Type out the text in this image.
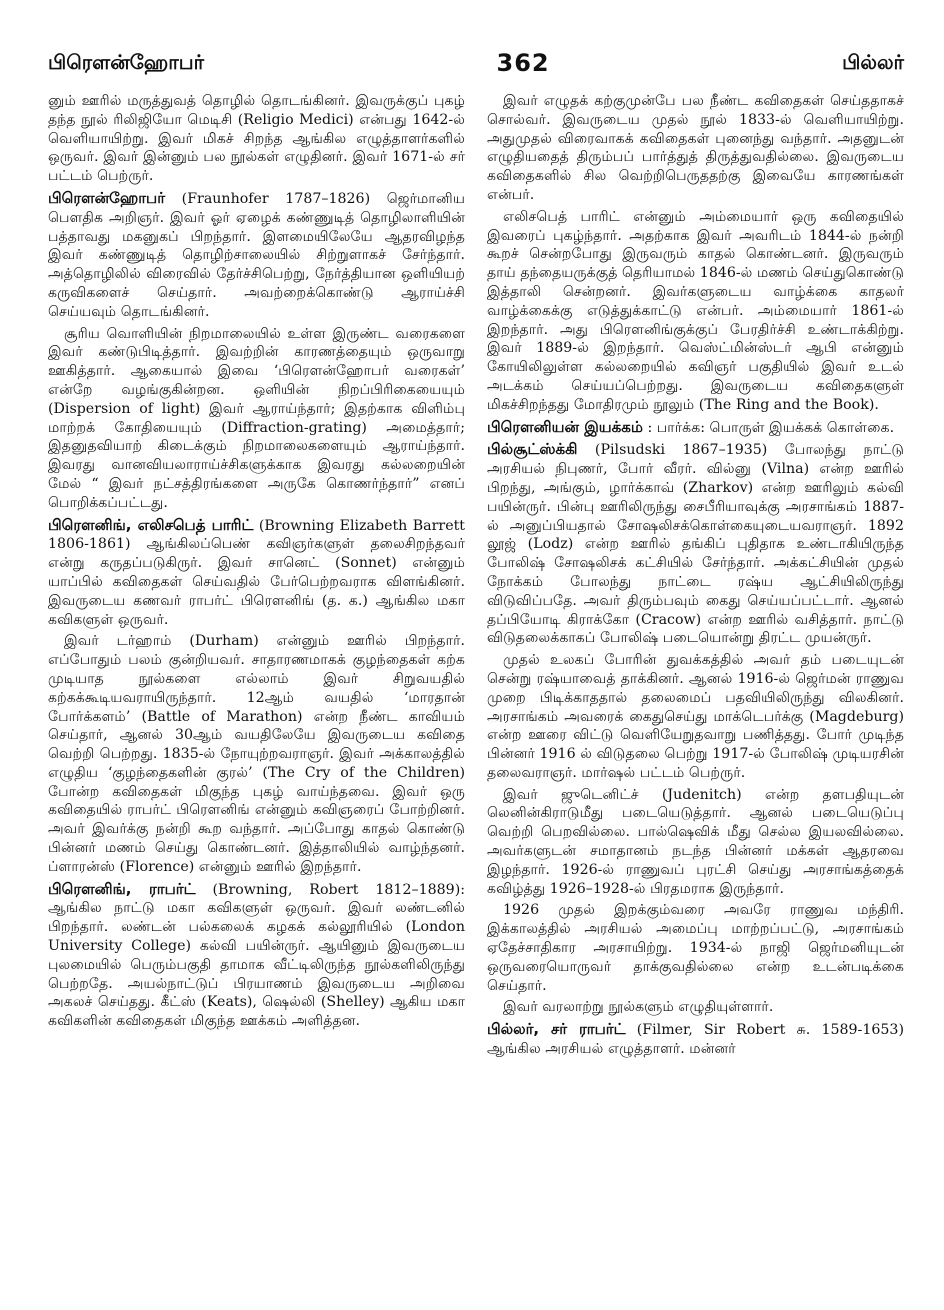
பிரௌன்ஹோபர்	362	பில்லர்

னும் ஊரில் மருத்துவத் தொழில் தொடங்கினர். இவருக்குப் புகழ் தந்த நூல் ரிலிஜியோ மெடிசி (Religio Medici) என்பது 1642-ல் வெளியாயிற்று. இவர் மிகச் சிறந்த ஆங்கில எழுத்தாளர்களில் ஒருவர். இவர் இன்னும் பல நூல்கள் எழுதினர். இவர் 1671-ல் சர் பட்டம் பெற்ருர்.

பிரௌன்ஹோபர் (Fraunhofer 1787–1826) ஜெர்மானிய பௌதிக அறிஞர். இவர் ஓர் ஏழைக் கண்ணுடித் தொழிலாளியின் பத்தாவது மகனுகப் பிறந்தார். இளமையிலேயே ஆதரவிழந்த இவர் கண்ணுடித் தொழிற்சாலையில் சிற்றுளாகச் சேர்ந்தார். அத்தொழிலில் விரைவில் தேர்ச்சிபெற்று, நேர்த்தியான ஒளியியற் கருவிகளைச் செய்தார். அவற்றைக்கொண்டு ஆராய்ச்சி செய்யவும் தொடங்கினர்.

சூரிய வொளியின் நிறமாலையில் உள்ள இருண்ட வரைகளை இவர் கண்டுபிடித்தார். இவற்றின் காரணத்தையும் ஒருவாறு ஊகித்தார். ஆகையால் இவை ‘பிரௌன்ஹோபர் வரைகள்’ என்றே வழங்குகின்றன. ஒளியின் நிறப்பிரிகையையும் (Dispersion of light) இவர் ஆராய்ந்தார்; இதற்காக விளிம்பு மாற்றக் கோதியையும் (Diffraction-grating) அமைத்தார்; இதனுதவியாற் கிடைக்கும் நிறமாலைகளையும் ஆராய்ந்தார். இவரது வானவியலாராய்ச்சிகளுக்காக இவரது கல்லறையின் மேல் “ இவர் நட்சத்திரங்களை அருகே கொணர்ந்தார்” எனப் பொறிக்கப்பட்டது.

பிரௌனிங், எலிசபெத் பாரிட் (Browning Elizabeth Barrett 1806-1861) ஆங்கிலப்பெண் கவிஞர்களுள் தலைசிறந்தவர் என்று கருதப்படுகிருர். இவர் சானெட் (Sonnet) என்னும் யாப்பில் கவிதைகள் செய்வதில் பேர்பெற்றவராக விளங்கினர். இவருடைய கணவர் ராபர்ட் பிரௌனிங் (த. க.) ஆங்கில மகா கவிகளுள் ஒருவர்.

இவர் டர்ஹாம் (Durham) என்னும் ஊரில் பிறந்தார். எப்போதும் பலம் குன்றியவர். சாதாரணமாகக் குழந்தைகள் கற்க முடியாத நூல்களை எல்லாம் இவர் சிறுவயதில் கற்கக்கூடியவராயிருந்தார். 12ஆம் வயதில் ‘மாரதான் போர்க்களம்’ (Battle of Marathon) என்ற நீண்ட காவியம் செய்தார், ஆனல் 30ஆம் வயதிலேயே இவருடைய கவிதை வெற்றி பெற்றது. 1835-ல் நோயுற்றவராஞர். இவர் அக்காலத்தில் எழுதிய ‘குழந்தைகளின் குரல்’ (The Cry of the Children) போன்ற கவிதைகள் மிகுந்த புகழ் வாய்ந்தவை. இவர் ஒரு கவிதையில் ராபர்ட் பிரௌனிங் என்னும் கவிஞரைப் போற்றினர். அவர் இவர்க்கு நன்றி கூற வந்தார். அப்போது காதல் கொண்டு பின்னர் மணம் செய்து கொண்டனர். இத்தாலியில் வாழ்ந்தனர். ப்ளாரன்ஸ் (Florence) என்னும் ஊரில் இறந்தார்.

பிரௌனிங், ராபர்ட் (Browning, Robert 1812–1889): ஆங்கில நாட்டு மகா கவிகளுள் ஒருவர். இவர் லண்டனில் பிறந்தார். லண்டன் பல்கலைக் கழகக் கல்லூரியில் (London University College) கல்வி பயின்ருர். ஆயினும் இவருடைய புலமையில் பெரும்பகுதி தாமாக வீட்டிலிருந்த நூல்களிலிருந்து பெற்றதே. அயல்நாட்டுப் பிரயாணம் இவருடைய அறிவை அகலச் செய்தது. கீட்ஸ் (Keats), ஷெல்லி (Shelley) ஆகிய மகா கவிகளின் கவிதைகள் மிகுந்த ஊக்கம் அளித்தன.

இவர் எழுதக் கற்குமுன்பே பல நீண்ட கவிதைகள் செய்ததாகச் சொல்வர். இவருடைய முதல் நூல் 1833-ல் வெளியாயிற்று. அதுமுதல் விரைவாகக் கவிதைகள் புனைந்து வந்தார். அதனுடன் எழுதியதைத் திரும்பப் பார்த்துத் திருத்துவதில்லை. இவருடைய கவிதைகளில் சில வெற்றிபெருததற்கு இவையே காரணங்கள் என்பர்.

எலிசபெத் பாரிட் என்னும் அம்மையார் ஒரு கவிதையில் இவரைப் புகழ்ந்தார். அதற்காக இவர் அவரிடம் 1844-ல் நன்றி கூறச் சென்றபோது இருவரும் காதல் கொண்டனர். இருவரும் தாய் தந்தையருக்குத் தெரியாமல் 1846-ல் மணம் செய்துகொண்டு இத்தாலி சென்றனர். இவர்களுடைய வாழ்க்கை காதலர் வாழ்க்கைக்கு எடுத்துக்காட்டு என்பர். அம்மையார் 1861-ல் இறந்தார். அது பிரௌனிங்குக்குப் பேரதிர்ச்சி உண்டாக்கிற்று. இவர் 1889-ல் இறந்தார். வெஸ்ட்மின்ஸ்டர் ஆபி என்னும் கோயிலிலுள்ள கல்லறையில் கவிஞர் பகுதியில் இவர் உடல் அடக்கம் செய்யப்பெற்றது. இவருடைய கவிதைகளுள் மிகச்சிறந்தது மோதிரமும் நூலும் (The Ring and the Book).

பிரௌனியன் இயக்கம் : பார்க்க: பொருள் இயக்கக் கொள்கை.
பில்சூட்ஸ்க்கி (Pilsudski 1867–1935) போலந்து நாட்டு அரசியல் நிபுணர், போர் வீரர். வில்னு (Vilna) என்ற ஊரில் பிறந்து, அங்கும், ழார்க்காவ் (Zharkov) என்ற ஊரிலும் கல்வி பயின்ருர். பின்பு ஊரிலிருந்து சைபீரியாவுக்கு அரசாங்கம் 1887-ல் அனுப்பியதால் சோஷலிசக்கொள்கையுடையவராஞர். 1892 லூஜ் (Lodz) என்ற ஊரில் தங்கிப் புதிதாக உண்டாகியிருந்த போலிஷ் சோஷலிசக் கட்சியில் சேர்ந்தார். அக்கட்சியின் முதல் நோக்கம் போலந்து நாட்டை ரஷ்ய ஆட்சியிலிருந்து விடுவிப்பதே. அவர் திரும்பவும் கைது செய்யப்பட்டார். ஆனல் தப்பியோடி கிராக்கோ (Cracow) என்ற ஊரில் வசித்தார். நாட்டு விடுதலைக்காகப் போலிஷ் படையொன்று திரட்ட முயன்ருர்.

முதல் உலகப் போரின் துவக்கத்தில் அவர் தம் படையுடன் சென்று ரஷ்யாவைத் தாக்கினர். ஆனல் 1916-ல் ஜெர்மன் ராணுவ முறை பிடிக்காததால் தலைமைப் பதவியிலிருந்து விலகினர். அரசாங்கம் அவரைக் கைதுசெய்து மாக்டெபர்க்கு (Magdeburg) என்ற ஊரை விட்டு வெளியேறுதவாறு பணித்தது. போர் முடிந்த பின்னர் 1916 ல் விடுதலை பெற்று 1917-ல் போலிஷ் முடியரசின் தலைவராஞர். மார்ஷல் பட்டம் பெற்ருர்.

இவர் ஜுடெனிட்ச் (Judenitch) என்ற தளபதியுடன் லெனின்கிராடுமீது படையெடுத்தார். ஆனல் படையெடுப்பு வெற்றி பெறவில்லை. பால்ஷெவிக் மீது செல்ல இயலவில்லை. அவர்களுடன் சமாதானம் நடந்த பின்னர் மக்கள் ஆதரவை இழந்தார். 1926-ல் ராணுவப் புரட்சி செய்து அரசாங்கத்தைக் கவிழ்த்து 1926–1928-ல் பிரதமராக இருந்தார்.

1926 முதல் இறக்கும்வரை அவரே ராணுவ மந்திரி. இக்காலத்தில் அரசியல் அமைப்பு மாற்றப்பட்டு, அரசாங்கம் ஏதேச்சாதிகார அரசாயிற்று. 1934-ல் நாஜி ஜெர்மனியுடன் ஒருவரையொருவர் தாக்குவதில்லை என்ற உடன்படிக்கை செய்தார்.

இவர் வரலாற்று நூல்களும் எழுதியுள்ளார்.

பில்லர், சர் ராபர்ட் (Filmer, Sir Robert சு. 1589-1653) ஆங்கில அரசியல் எழுத்தாளர். மன்னர்
